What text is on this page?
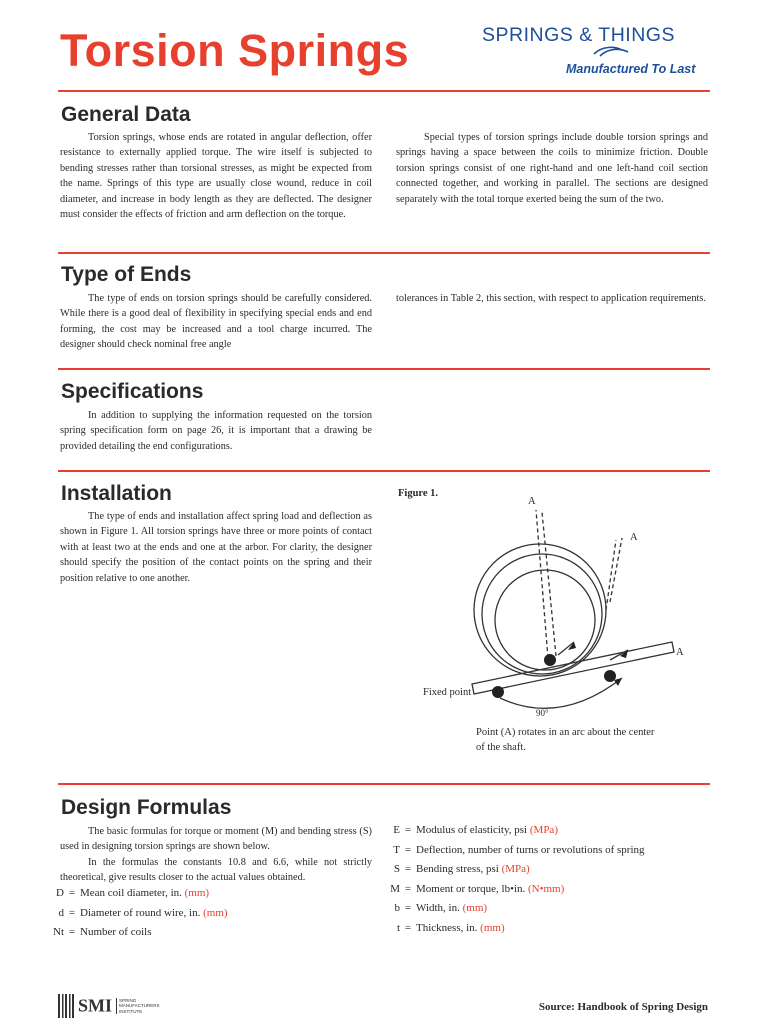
Torsion Springs	SPRINGS & THINGS
Manufactured To Last
General Data

Torsion springs, whose ends are rotated in angular deflection, offer resistance to externally applied torque. The wire itself is subjected to bending stresses rather than torsional stresses, as might be expected from the name. Springs of this type are usually close wound, reduce in coil diameter, and increase in body length as they are deflected. The designer must consider the effects of friction and arm deflection on the torque.

Special types of torsion springs include double torsion springs and springs having a space between the coils to minimize friction. Double torsion springs consist of one right-hand and one left-hand coil section connected together, and working in parallel. The sections are designed separately with the total torque exerted being the sum of the two.

Type of Ends

The type of ends on torsion springs should be carefully considered. While there is a good deal of flexibility in specifying special ends and end forming, the cost may be increased and a tool charge incurred. The designer should check nominal free angle

tolerances in Table 2, this section, with respect to application requirements.

Specifications

In addition to supplying the information requested on the torsion spring specification form on page 26, it is important that a drawing be provided detailing the end configurations.

Installation

The type of ends and installation affect spring load and deflection as shown in Figure 1. All torsion springs have three or more points of contact with at least two at the ends and one at the arbor. For clarity, the designer should specify the position of the contact points on the spring and their position relative to one another.

Figure 1.
A
A
A
Fixed point
90°
Point (A) rotates in an arc about the center
of the shaft.
Design Formulas

The basic formulas for torque or moment (M) and bending stress (S) used in designing torsion springs are shown below.

In the formulas the constants 10.8 and 6.6, while not strictly theoretical, give results closer to the actual values obtained.

D = Mean coil diameter, in. (mm)
d = Diameter of round wire, in. (mm)
Nt = Number of coils
E = Modulus of elasticity, psi (MPa)
T = Deflection, number of turns or revolutions of spring
S = Bending stress, psi (MPa)
M = Moment or torque, lb•in. (N•mm)
b = Width, in. (mm)
t = Thickness, in. (mm)
SMI SPRING
MANUFACTURERS
INSTITUTE	Source: Handbook of Spring Design
